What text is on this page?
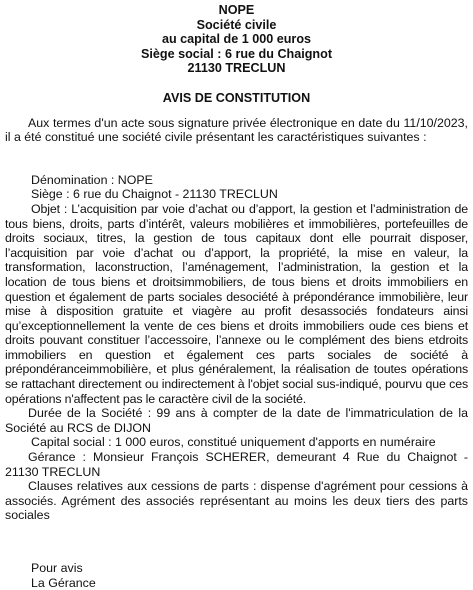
NOPE
Société civile
au capital de 1 000 euros
Siège social : 6 rue du Chaignot
21130 TRECLUN
AVIS DE CONSTITUTION

Aux termes d'un acte sous signature privée électronique en date du 11/10/2023, il a été constitué une société civile présentant les caractéristiques suivantes :

Dénomination : NOPE

Siège : 6 rue du Chaignot - 21130 TRECLUN

Objet : L’acquisition par voie d’achat ou d’apport, la gestion et l’administration de tous biens, droits, parts d’intérêt, valeurs mobilières et immobilières, portefeuilles de droits sociaux, titres, la gestion de tous capitaux dont elle pourrait disposer, l’acquisition par voie d’achat ou d’apport, la propriété, la mise en valeur, la transformation, laconstruction, l’aménagement, l’administration, la gestion et la location de tous biens et droitsimmobiliers, de tous biens et droits immobiliers en question et également de parts sociales desociété à prépondérance immobilière, leur mise à disposition gratuite et viagère au profit desassociés fondateurs ainsi qu’exceptionnellement la vente de ces biens et droits immobiliers oude ces biens et droits pouvant constituer l’accessoire, l’annexe ou le complément des biens etdroits immobiliers en question et également ces parts sociales de société à prépondéranceimmobilière, et plus généralement, la réalisation de toutes opérations se rattachant directement ou indirectement à l'objet social sus-indiqué, pourvu que ces opérations n'affectent pas le caractère civil de la société.

Durée de la Société : 99 ans à compter de la date de l'immatriculation de la Société au RCS de DIJON

Capital social : 1 000 euros, constitué uniquement d'apports en numéraire

Gérance : Monsieur François SCHERER, demeurant 4 Rue du Chaignot - 21130 TRECLUN

Clauses relatives aux cessions de parts : dispense d'agrément pour cessions à associés. Agrément des associés représentant au moins les deux tiers des parts sociales

Pour avis
La Gérance
